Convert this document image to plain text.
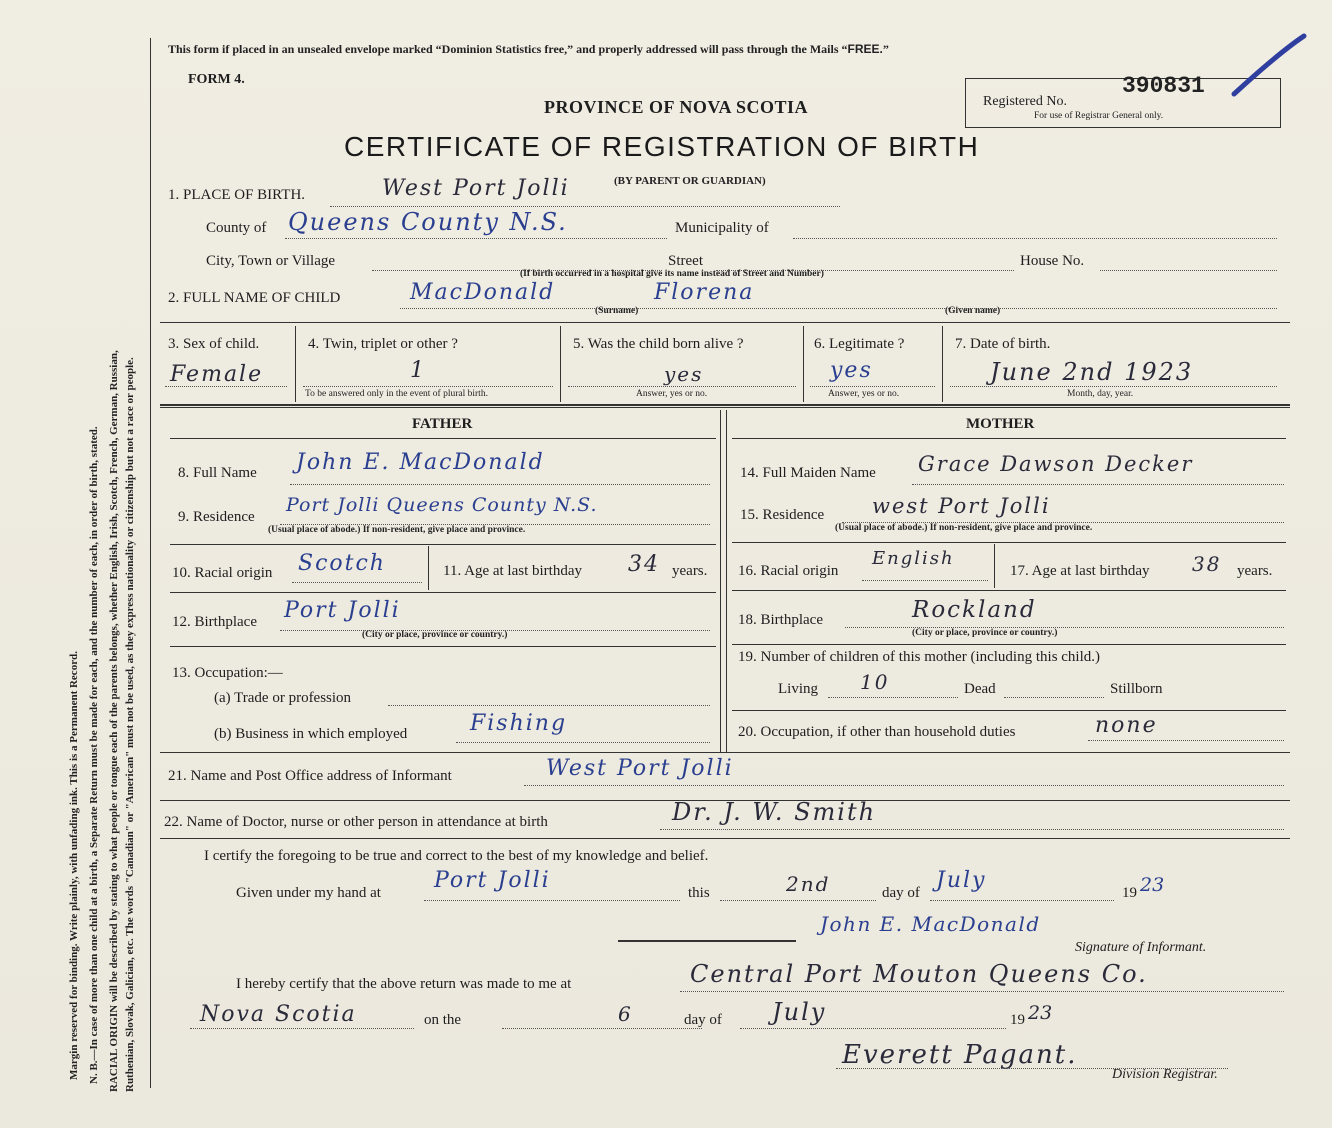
Margin reserved for binding. Write plainly, with unfading ink. This is a Permanent Record. N. B.—In case of more than one child at a birth, a Separate Return must be made for each, and the number of each, in order of birth, stated. RACIAL ORIGIN will be described by stating to what people or tongue each of the parents belongs, whether English, Irish, Scotch, French, German, Russian, Ruthenian, Slovak, Galician, etc. The words "Canadian" or "American" must not be used, as they express nationality or citizenship but not a race or people.
This form if placed in an unsealed envelope marked “Dominion Statistics free,” and properly addressed will pass through the Mails “FREE.”
FORM 4.
PROVINCE OF NOVA SCOTIA
CERTIFICATE OF REGISTRATION OF BIRTH
Registered No.
390831
For use of Registrar General only.
1. PLACE OF BIRTH.	West Port Jolli	(BY PARENT OR GUARDIAN)
County of Queens County N.S.	Municipality of
City, Town or Village	Street	House No.
(If birth occurred in a hospital give its name instead of Street and Number)
2. FULL NAME OF CHILD	MacDonald	Florena
(Surname)	(Given name)
3. Sex of child.
Female
4. Twin, triplet or other ?
1
To be answered only in the event of plural birth.
5. Was the child born alive ?
yes
Answer, yes or no.
6. Legitimate ?
yes
Answer, yes or no.
7. Date of birth.
June 2nd 1923
Month, day, year.
FATHER	MOTHER
8. Full Name John E. MacDonald
9. Residence
Port Jolli Queens County N.S.
(Usual place of abode.) If non-resident, give place and province.
10. Racial origin Scotch	11. Age at last birthday 34 years.
12. Birthplace Port Jolli
(City or place, province or country.)
13. Occupation:—
(a) Trade or profession
(b) Business in which employed	Fishing
14. Full Maiden Name Grace Dawson Decker
15. Residence west Port Jolli
(Usual place of abode.) If non-resident, give place and province.
16. Racial origin
English
17. Age at last birthday 38 years.
18. Birthplace	Rockland
(City or place, province or country.)
19. Number of children of this mother (including this child.)
Living 10	Dead	Stillborn
20. Occupation, if other than household duties	none
21. Name and Post Office address of Informant	West Port Jolli
22. Name of Doctor, nurse or other person in attendance at birth	Dr. J. W. Smith
I certify the foregoing to be true and correct to the best of my knowledge and belief.
Given under my hand at Port Jolli	this	2nd	day of July	19 23
John E. MacDonald
Signature of Informant.
I hereby certify that the above return was made to me at	Central Port Mouton Queens Co.
Nova Scotia	on the	6	day of July	19 23
Everett Pagant.
Division Registrar.
